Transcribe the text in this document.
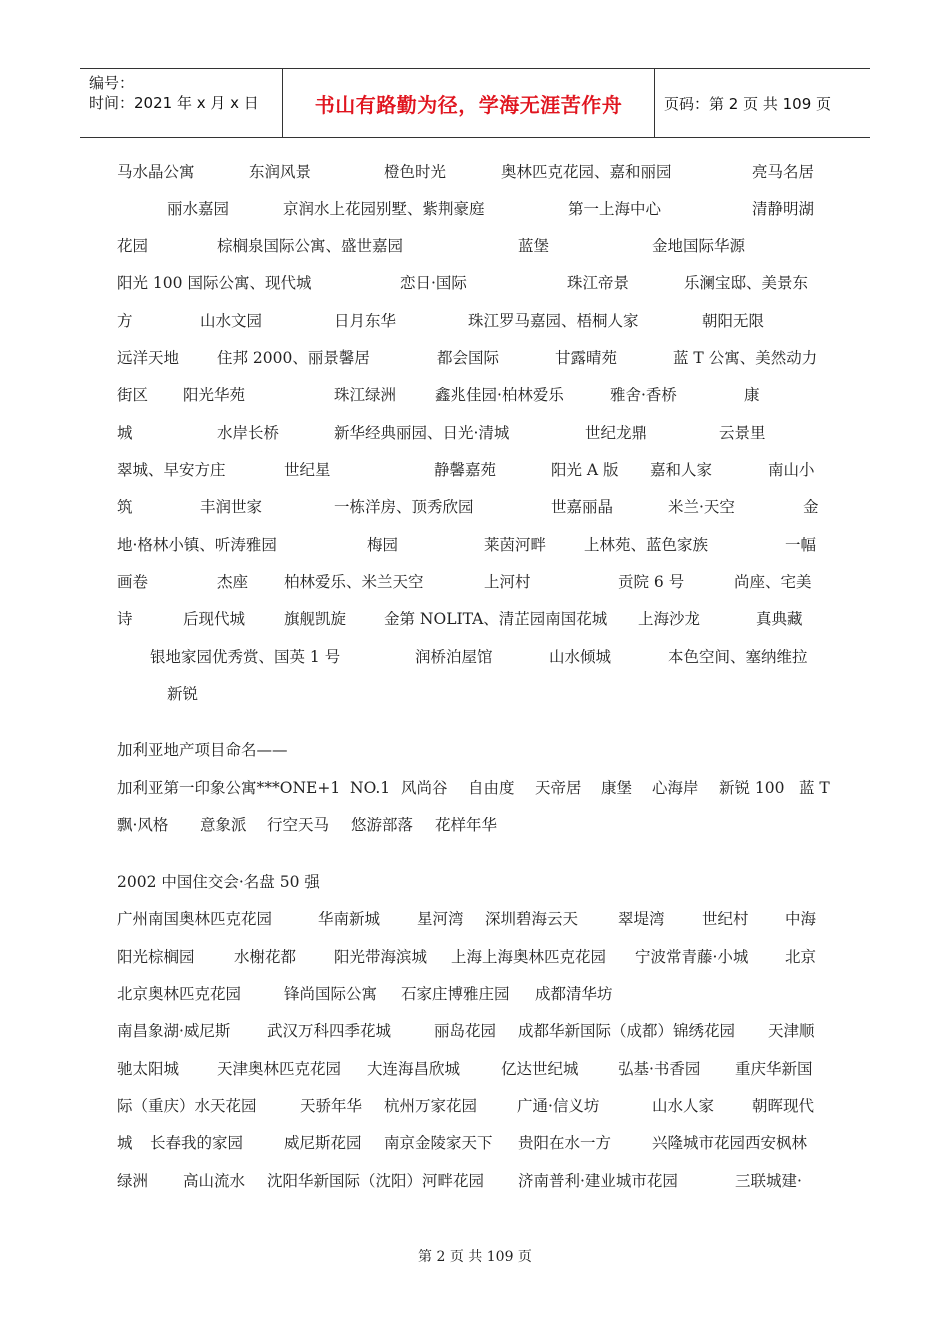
编号：
时间：2021 年 x 月 x 日	书山有路勤为径，学海无涯苦作舟	页码：第 2 页 共 109 页
马水晶公寓	东润风景	橙色时光	奥林匹克花园、嘉和丽园	亮马名居
丽水嘉园	京润水上花园别墅、紫荆豪庭	第一上海中心	清静明湖
花园	棕榈泉国际公寓、盛世嘉园	蓝堡	金地国际华源
阳光 100 国际公寓、现代城	恋日·国际	珠江帝景	乐澜宝邸、美景东
方	山水文园	日月东华	珠江罗马嘉园、梧桐人家	朝阳无限
远洋天地 住邦 2000、丽景馨居	都会国际	甘露晴苑	蓝 T 公寓、美然动力
街区 阳光华苑	珠江绿洲	鑫兆佳园·柏林爱乐	雅舍·香桥	康
城	水岸长桥	新华经典丽园、日光·清城	世纪龙鼎	云景里
翠城、早安方庄	世纪星	静馨嘉苑	阳光 A 版 嘉和人家	南山小
筑	丰润世家	一栋洋房、顶秀欣园	世嘉丽晶	米兰·天空	金
地·格林小镇、听涛雅园	梅园	莱茵河畔 上林苑、蓝色家族	一幅
画卷	杰座 柏林爱乐、米兰天空	上河村	贡院 6 号	尚座、宅美
诗	后现代城	旗舰凯旋 金第 NOLITA、清芷园南国花城 上海沙龙	真典藏
银地家园优秀赏、国英 1 号	润桥泊屋馆	山水倾城	本色空间、塞纳维拉
新锐
加利亚地产项目命名——
加利亚第一印象公寓***ONE+1 NO.1 风尚谷 自由度 天帝居 康堡 心海岸 新锐 100 蓝 T
飘·风格 意象派 行空天马 悠游部落 花样年华
2002 中国住交会·名盘 50 强
广州南国奥林匹克花园	华南新城 星河湾 深圳碧海云天	翠堤湾 世纪村 中海
阳光棕榈园	水榭花都 阳光带海滨城 上海上海奥林匹克花园 宁波常青藤·小城 北京
北京奥林匹克花园	锋尚国际公寓 石家庄博雅庄园 成都清华坊
南昌象湖·威尼斯 武汉万科四季花城	丽岛花园 成都华新国际（成都）锦绣花园 天津顺
驰太阳城 天津奥林匹克花园 大连海昌欣城	亿达世纪城	弘基·书香园 重庆华新国
际（重庆）水天花园	天骄年华 杭州万家花园	广通·信义坊	山水人家 朝晖现代
城 长春我的家园	威尼斯花园 南京金陵家天下 贵阳在水一方	兴隆城市花园西安枫林
绿洲 高山流水 沈阳华新国际（沈阳）河畔花园 济南普利·建业城市花园	三联城建·
第 2 页 共 109 页
